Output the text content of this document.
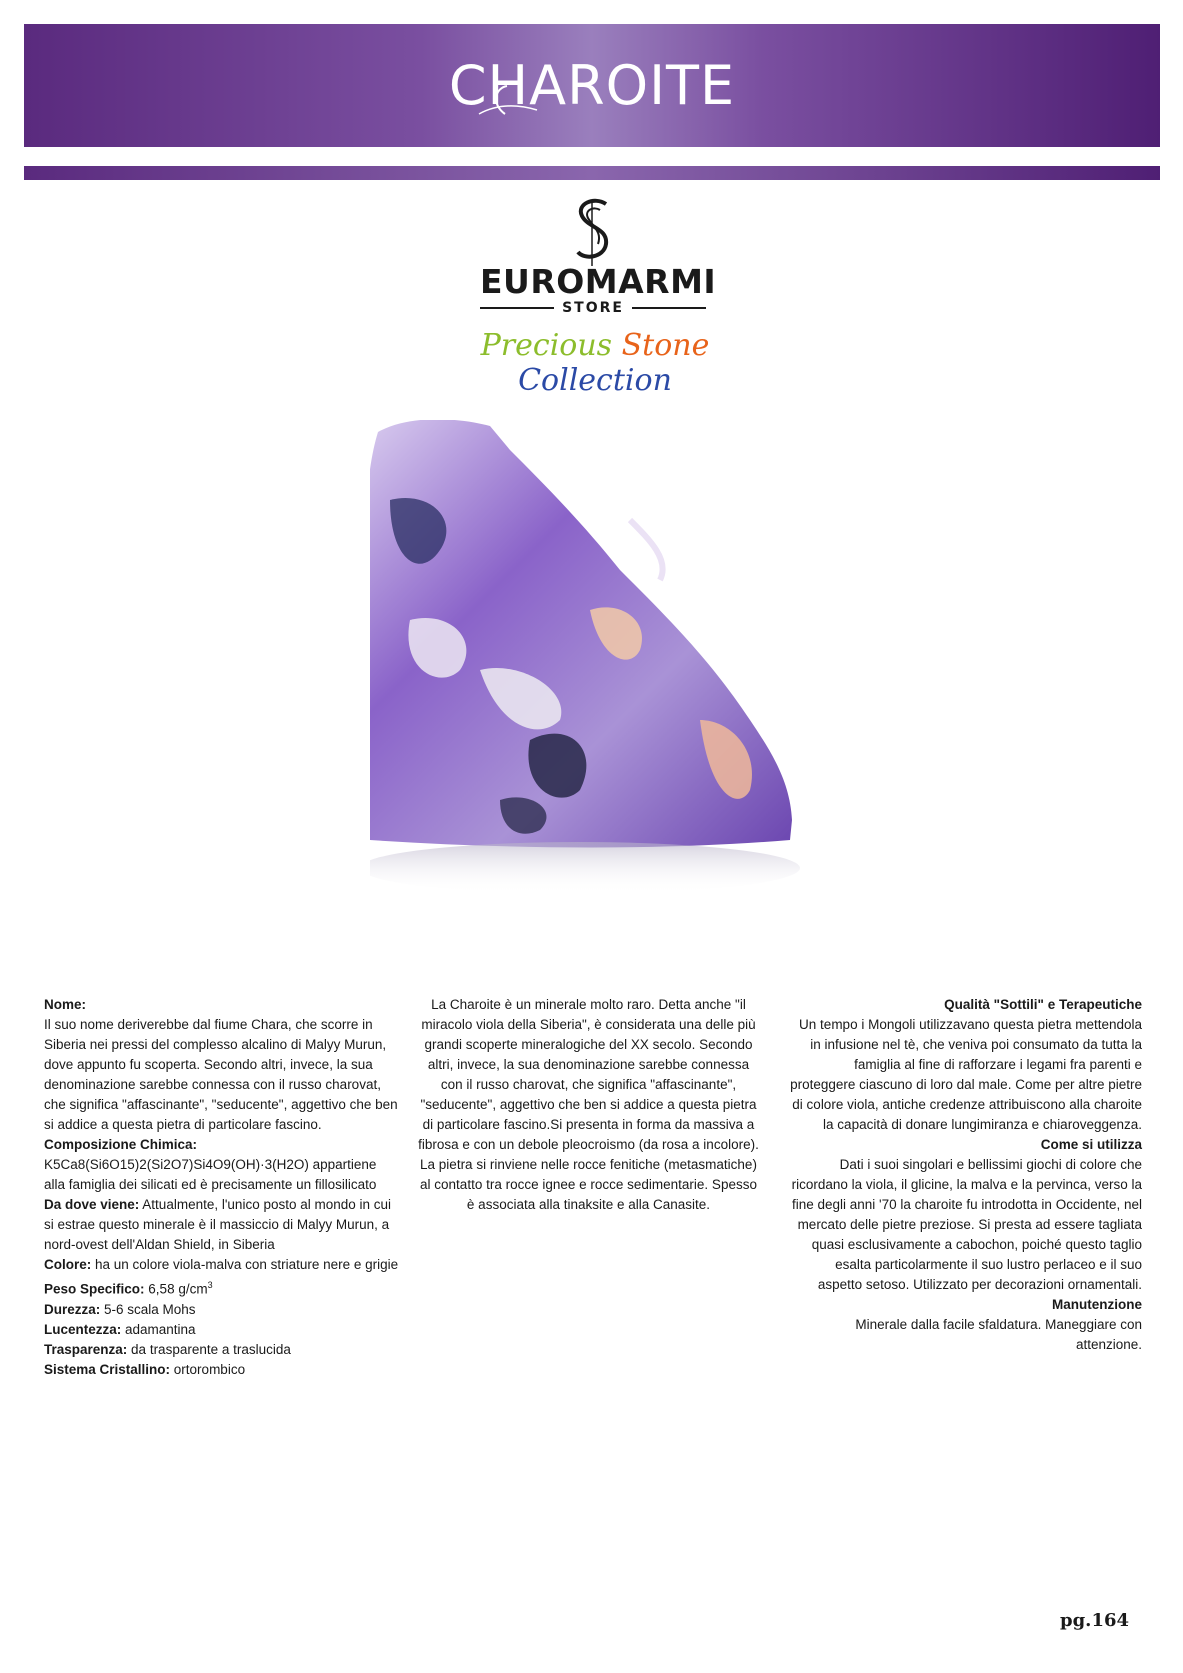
CHAROITE
EUROMARMI
STORE
Precious Stone Collection

Nome:

Il suo nome deriverebbe dal fiume Chara, che scorre in Siberia nei pressi del complesso alcalino di Malyy Murun, dove appunto fu scoperta. Secondo altri, invece, la sua denominazione sarebbe connessa con il russo charovat, che significa "affascinante", "seducente", aggettivo che ben si addice a questa pietra di particolare fascino.

Composizione Chimica:

K5Ca8(Si6O15)2(Si2O7)Si4O9(OH)·3(H2O) appartiene alla famiglia dei silicati ed è precisamente un fillosilicato

Da dove viene: Attualmente, l'unico posto al mondo in cui si estrae questo minerale è il massiccio di Malyy Murun, a nord-ovest dell'Aldan Shield, in Siberia

Colore: ha un colore viola-malva con striature nere e grigie

Peso Specifico: 6,58 $g/cm^3$

Durezza: 5-6 scala Mohs

Lucentezza: adamantina

Trasparenza: da trasparente a traslucida

Sistema Cristallino: ortorombico

La Charoite è un minerale molto raro. Detta anche "il miracolo viola della Siberia", è considerata una delle più grandi scoperte mineralogiche del XX secolo. Secondo altri, invece, la sua denominazione sarebbe connessa con il russo charovat, che significa "affascinante", "seducente", aggettivo che ben si addice a questa pietra di particolare fascino.Si presenta in forma da massiva a fibrosa e con un debole pleocroismo (da rosa a incolore). La pietra si rinviene nelle rocce fenitiche (metasmatiche) al contatto tra rocce ignee e rocce sedimentarie. Spesso è associata alla tinaksite e alla Canasite.

Qualità "Sottili" e Terapeutiche

Un tempo i Mongoli utilizzavano questa pietra mettendola in infusione nel tè, che veniva poi consumato da tutta la famiglia al fine di rafforzare i legami fra parenti e proteggere ciascuno di loro dal male. Come per altre pietre di colore viola, antiche credenze attribuiscono alla charoite la capacità di donare lungimiranza e chiaroveggenza.

Come si utilizza

Dati i suoi singolari e bellissimi giochi di colore che ricordano la viola, il glicine, la malva e la pervinca, verso la fine degli anni '70 la charoite fu introdotta in Occidente, nel mercato delle pietre preziose. Si presta ad essere tagliata quasi esclusivamente a cabochon, poiché questo taglio esalta particolarmente il suo lustro perlaceo e il suo aspetto setoso. Utilizzato per decorazioni ornamentali.

Manutenzione

Minerale dalla facile sfaldatura. Maneggiare con attenzione.

pg.164
